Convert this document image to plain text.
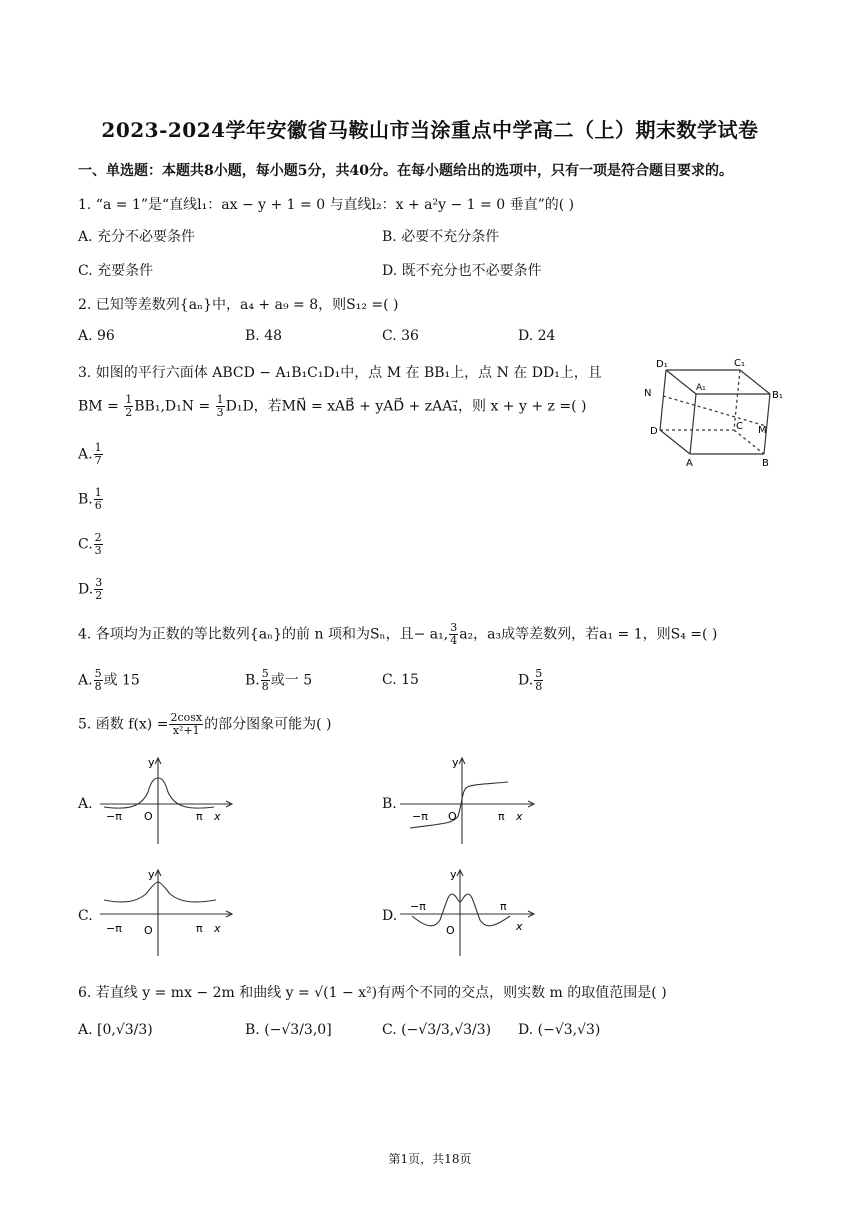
2023-2024学年安徽省马鞍山市当涂重点中学高二（上）期末数学试卷
一、单选题：本题共8小题，每小题5分，共40分。在每小题给出的选项中，只有一项是符合题目要求的。
1. “a = 1”是“直线l₁：ax − y + 1 = 0 与直线l₂：x + a²y − 1 = 0 垂直”的( )
A. 充分不必要条件	B. 必要不充分条件
C. 充要条件	D. 既不充分也不必要条件
2. 已知等差数列{aₙ}中，a₄ + a₉ = 8，则S₁₂ =( )
A. 96	B. 48	C. 36	D. 24
3. 如图的平行六面体 ABCD − A₁B₁C₁D₁中，点 M 在 BB₁上，点 N 在 DD₁上，且
BM = $\frac{1}{2} BB_1,D_1N = \frac{1}{3} D_1D$，若MN⃗ = xAB⃗ + yAD⃗ + zAA₁⃗，则 x + y + z =( )
A. $\frac{1}{7}$
B. $\frac{1}{6}$
C. $\frac{2}{3}$
D. $\frac{3}{2}$
D₁	C₁
N	A₁
B₁
D	C M
A	B
4. 各项均为正数的等比数列{aₙ}的前 n 项和为Sₙ，且− a₁, $\frac{3}{4} a_2$，a₃成等差数列，若a₁ = 1，则S₄ =( )
A. $\frac{5}{8}$ 或 15	B. $\frac{5}{8}$ 或一 5	C. 15	D. $\frac{5}{8}$
5. 函数 $f(x) = \frac{2\cos x}{\text{x²+1}}$ 的部分图象可能为( )
A.	B.
C.	D.
y
−π O	π x
y
−π O	π x
y
−π O	π x
y
−π
O
π
x
6. 若直线 y = mx − 2m 和曲线 y = √(1 − x²)有两个不同的交点，则实数 m 的取值范围是( )
A. [0,√3/3)	B. (−√3/3,0]	C. (−√3/3,√3/3) D. (−√3,√3)
第1页，共18页
